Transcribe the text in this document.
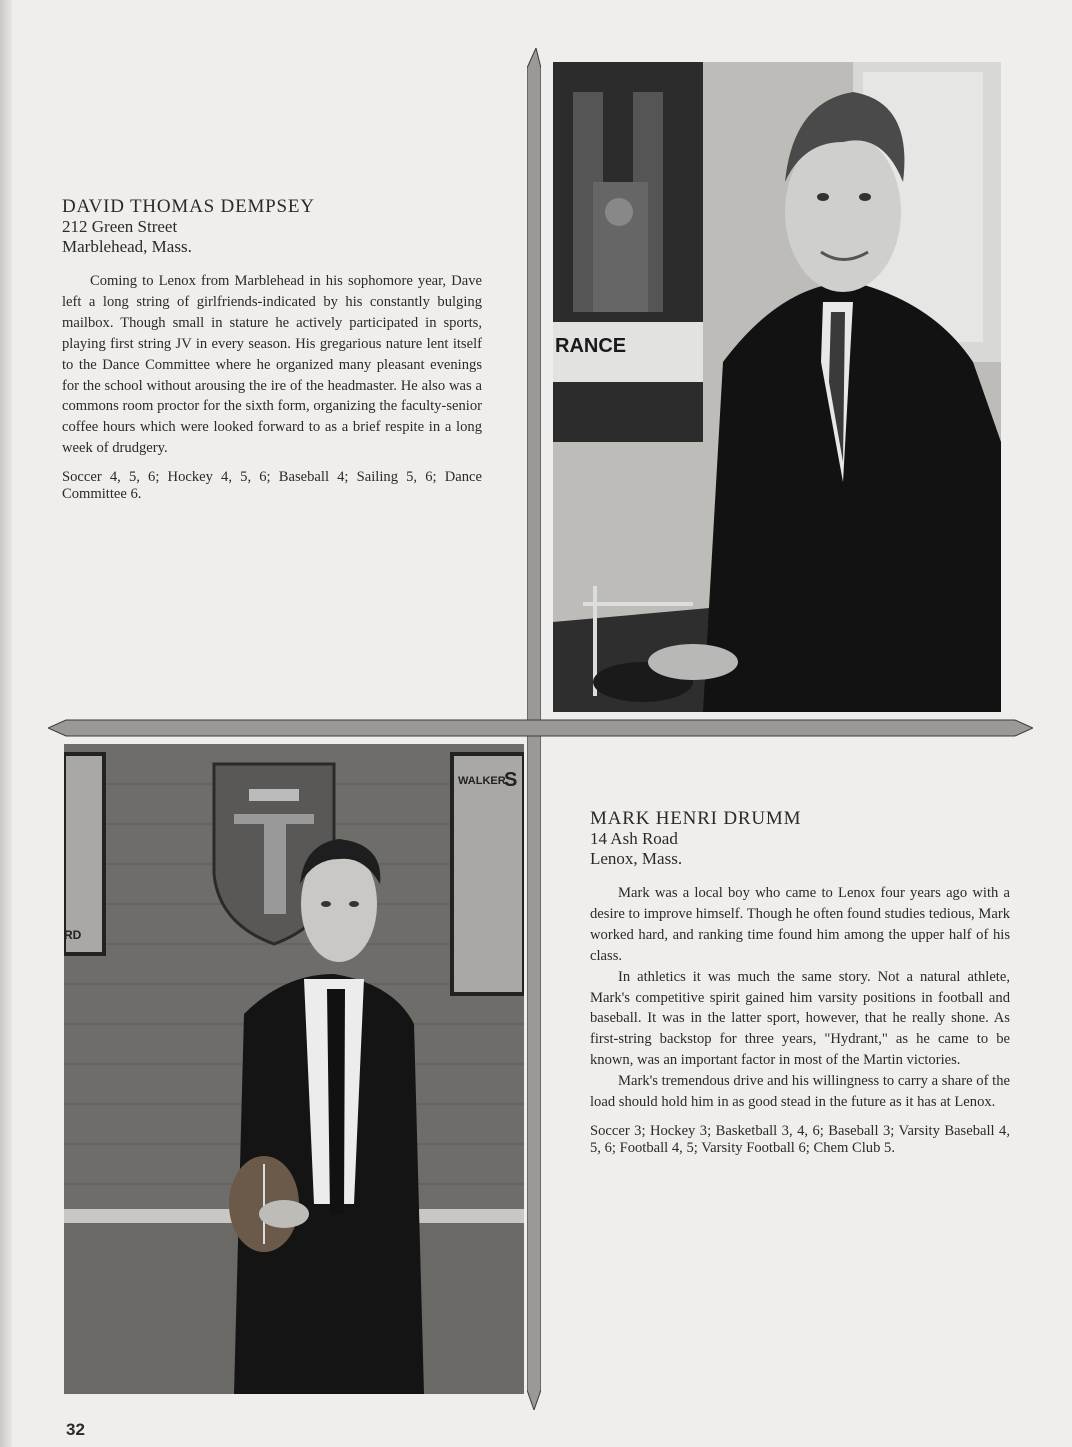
RANCE
RD
WALKER
S
DAVID THOMAS DEMPSEY

212 Green Street

Marblehead, Mass.

Coming to Lenox from Marblehead in his sophomore year, Dave left a long string of girlfriends-indicated by his constantly bulging mailbox. Though small in stature he actively participated in sports, playing first string JV in every season. His gregarious nature lent itself to the Dance Committee where he organized many pleasant evenings for the school without arousing the ire of the headmaster. He also was a commons room proctor for the sixth form, organizing the faculty-senior coffee hours which were looked forward to as a brief respite in a long week of drudgery.

Soccer 4, 5, 6; Hockey 4, 5, 6; Baseball 4; Sailing 5, 6; Dance Committee 6.

MARK HENRI DRUMM

14 Ash Road

Lenox, Mass.

Mark was a local boy who came to Lenox four years ago with a desire to improve himself. Though he often found studies tedious, Mark worked hard, and ranking time found him among the upper half of his class.

In athletics it was much the same story. Not a natural athlete, Mark's competitive spirit gained him varsity positions in football and baseball. It was in the latter sport, however, that he really shone. As first-string backstop for three years, "Hydrant," as he came to be known, was an important factor in most of the Martin victories.

Mark's tremendous drive and his willingness to carry a share of the load should hold him in as good stead in the future as it has at Lenox.

Soccer 3; Hockey 3; Basketball 3, 4, 6; Baseball 3; Varsity Baseball 4, 5, 6; Football 4, 5; Varsity Football 6; Chem Club 5.

32
